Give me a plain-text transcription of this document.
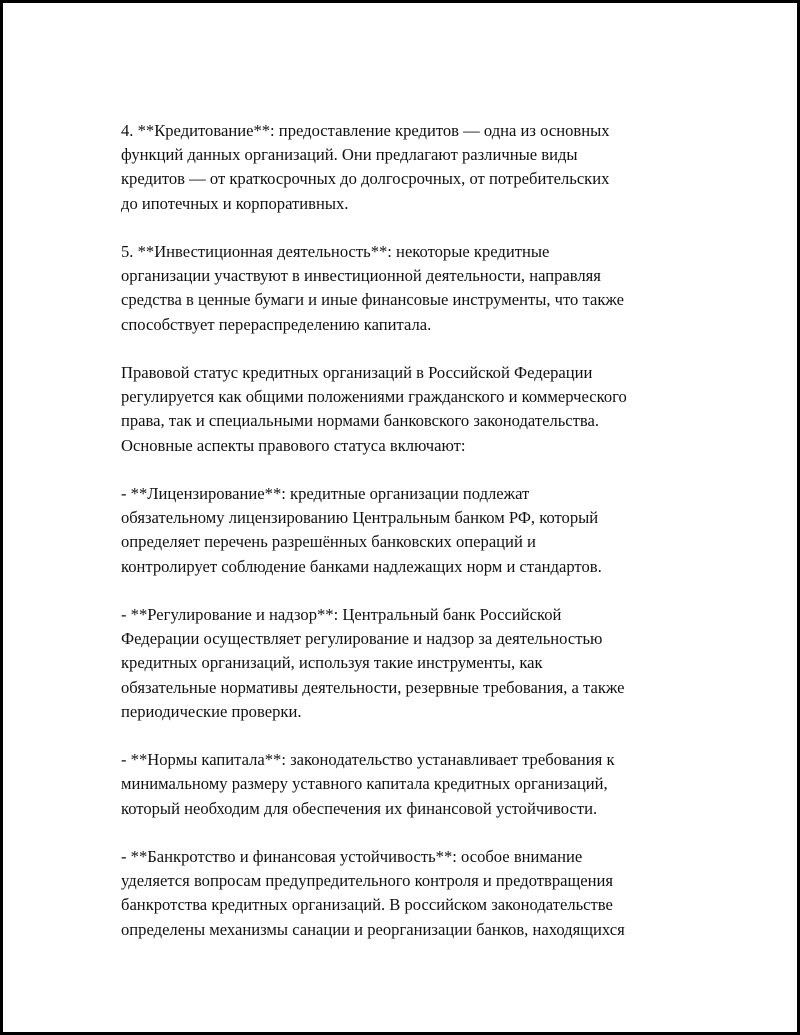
4. **Кредитование**: предоставление кредитов — одна из основных
функций данных организаций. Они предлагают различные виды
кредитов — от краткосрочных до долгосрочных, от потребительских
до ипотечных и корпоративных.

5. **Инвестиционная деятельность**: некоторые кредитные
организации участвуют в инвестиционной деятельности, направляя
средства в ценные бумаги и иные финансовые инструменты, что также
способствует перераспределению капитала.

Правовой статус кредитных организаций в Российской Федерации
регулируется как общими положениями гражданского и коммерческого
права, так и специальными нормами банковского законодательства.
Основные аспекты правового статуса включают:

- **Лицензирование**: кредитные организации подлежат
обязательному лицензированию Центральным банком РФ, который
определяет перечень разрешённых банковских операций и
контролирует соблюдение банками надлежащих норм и стандартов.

- **Регулирование и надзор**: Центральный банк Российской
Федерации осуществляет регулирование и надзор за деятельностью
кредитных организаций, используя такие инструменты, как
обязательные нормативы деятельности, резервные требования, а также
периодические проверки.

- **Нормы капитала**: законодательство устанавливает требования к
минимальному размеру уставного капитала кредитных организаций,
который необходим для обеспечения их финансовой устойчивости.

- **Банкротство и финансовая устойчивость**: особое внимание
уделяется вопросам предупредительного контроля и предотвращения
банкротства кредитных организаций. В российском законодательстве
определены механизмы санации и реорганизации банков, находящихся
